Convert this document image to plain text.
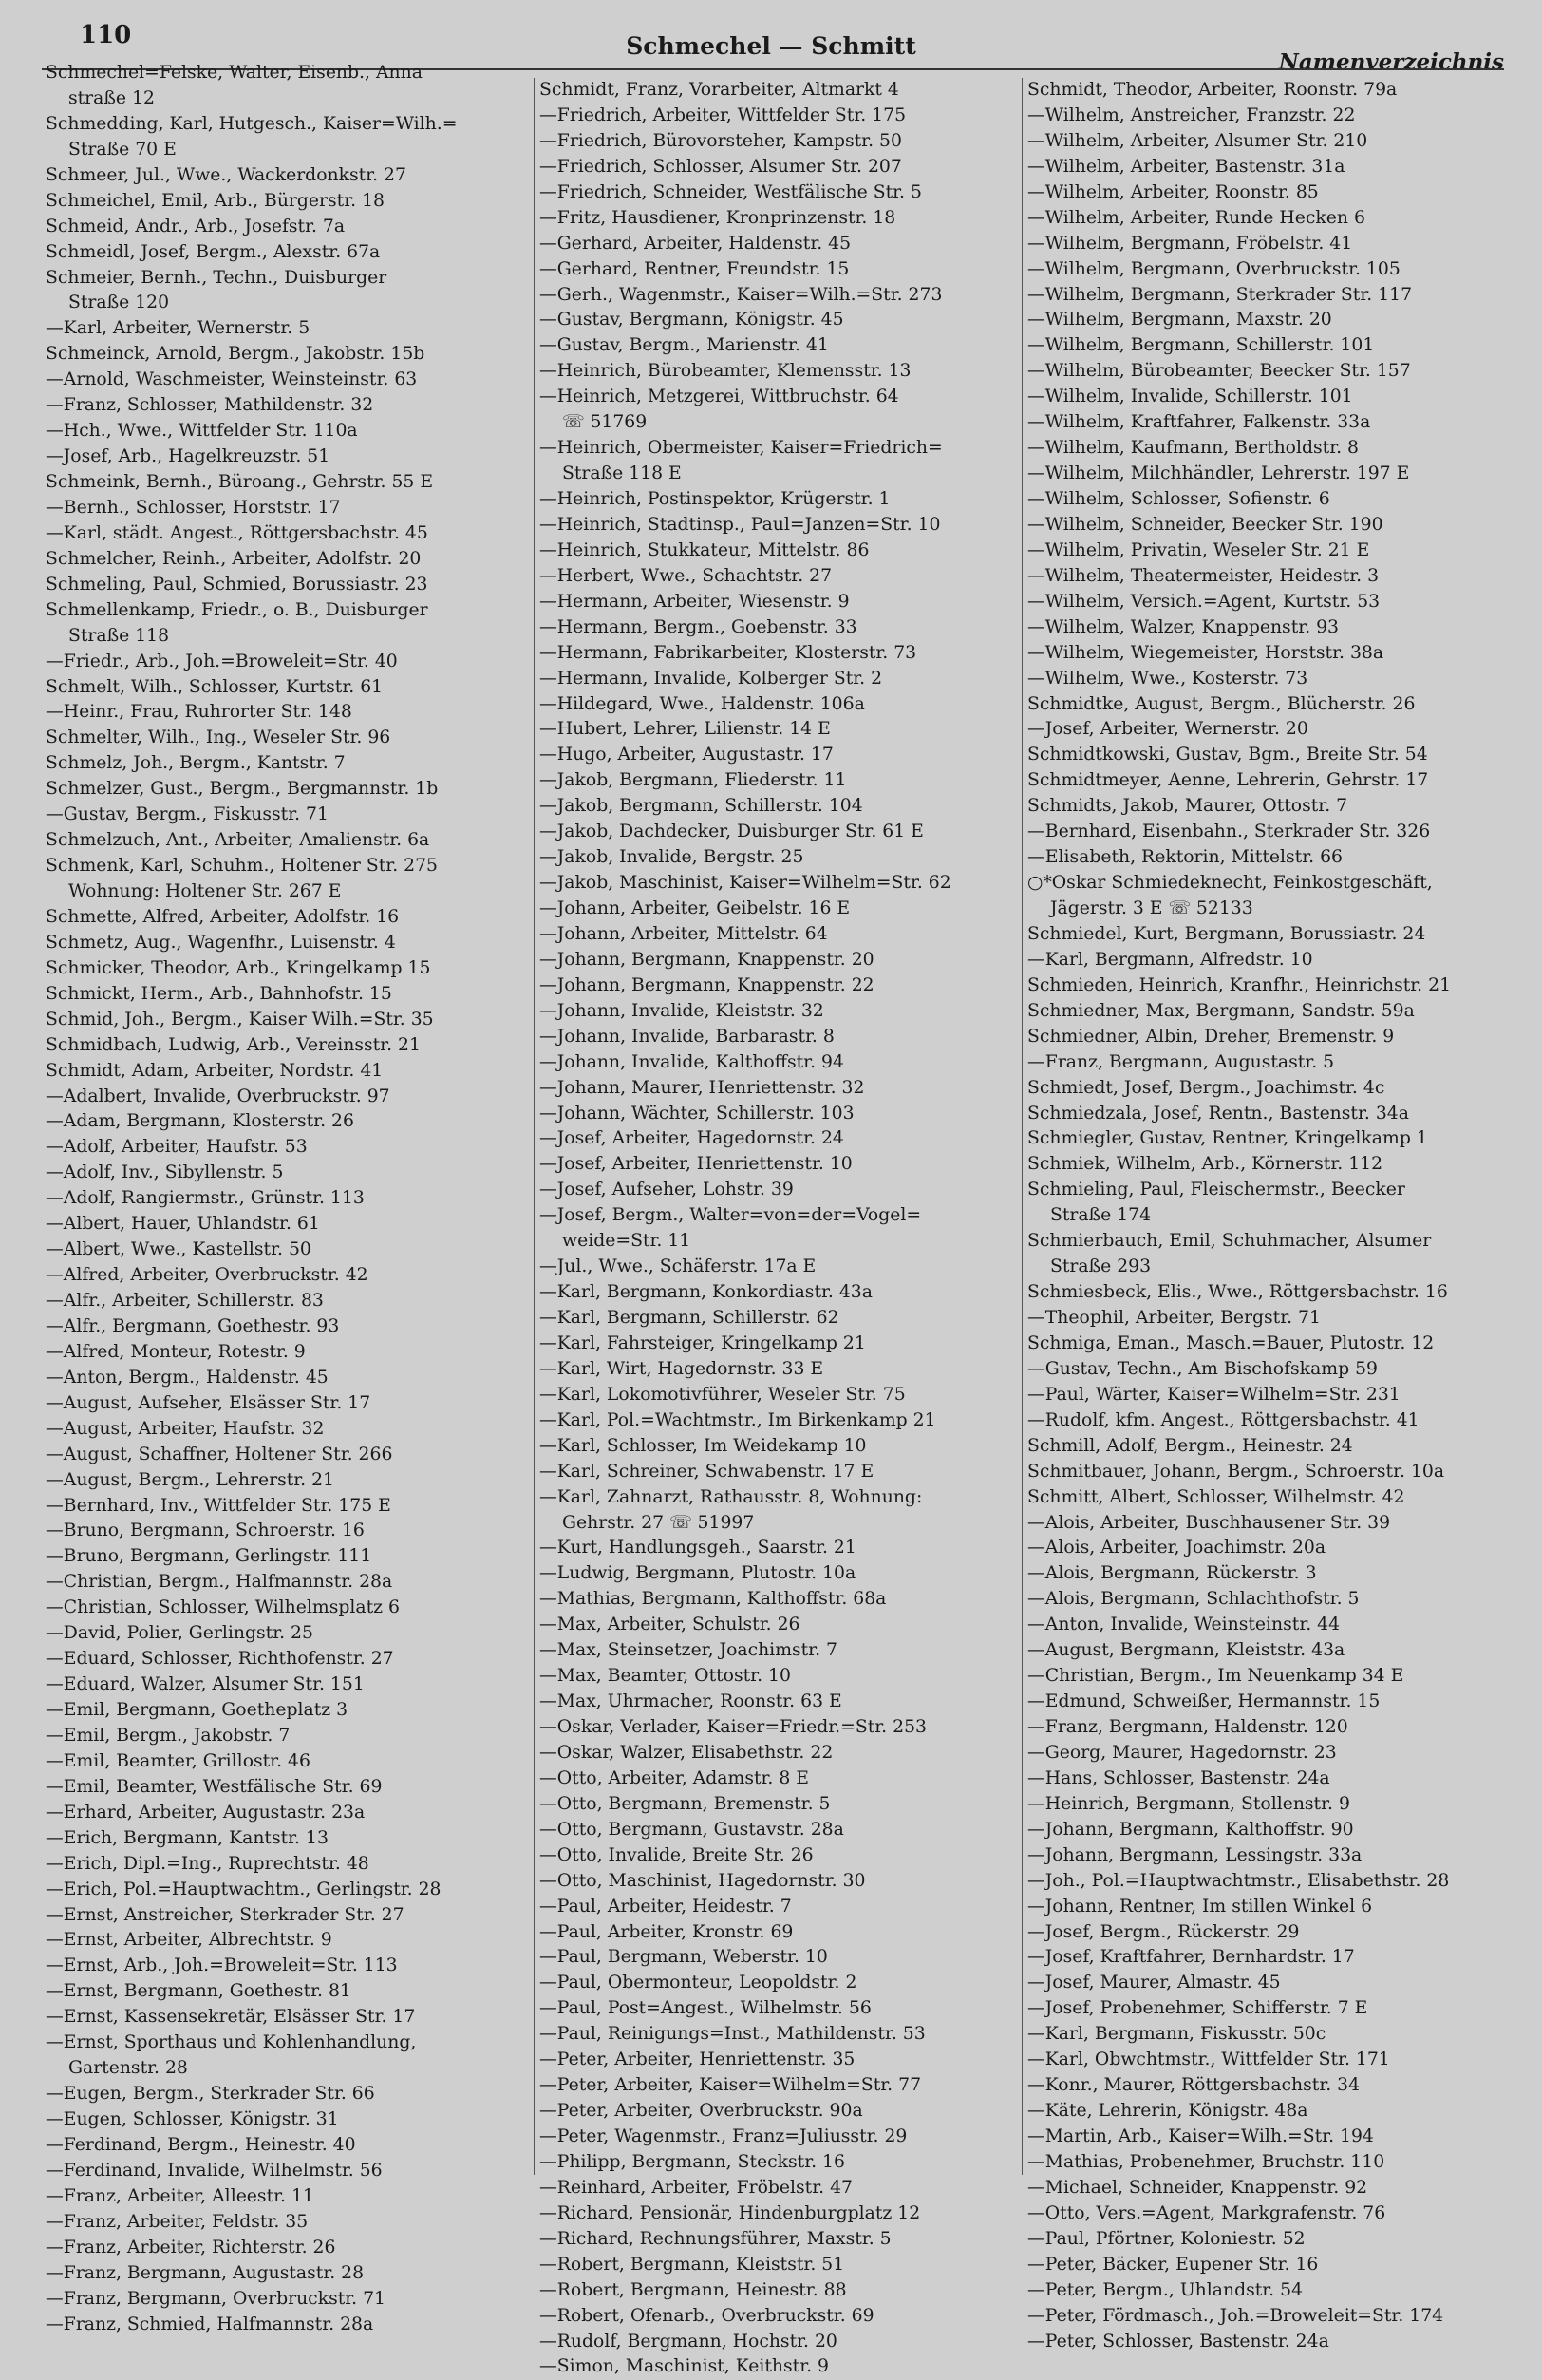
110	Schmechel — Schmitt
Namenverzeichnis
Schmechel=Felske, Walter, Eisenb., Anna
straße 12
Schmedding, Karl, Hutgesch., Kaiser=Wilh.=
Straße 70 E
Schmeer, Jul., Wwe., Wackerdonkstr. 27
Schmeichel, Emil, Arb., Bürgerstr. 18
Schmeid, Andr., Arb., Josefstr. 7a
Schmeidl, Josef, Bergm., Alexstr. 67a
Schmeier, Bernh., Techn., Duisburger
Straße 120
—Karl, Arbeiter, Wernerstr. 5
Schmeinck, Arnold, Bergm., Jakobstr. 15b
—Arnold, Waschmeister, Weinsteinstr. 63
—Franz, Schlosser, Mathildenstr. 32
—Hch., Wwe., Wittfelder Str. 110a
—Josef, Arb., Hagelkreuzstr. 51
Schmeink, Bernh., Büroang., Gehrstr. 55 E
—Bernh., Schlosser, Horststr. 17
—Karl, städt. Angest., Röttgersbachstr. 45
Schmelcher, Reinh., Arbeiter, Adolfstr. 20
Schmeling, Paul, Schmied, Borussiastr. 23
Schmellenkamp, Friedr., o. B., Duisburger
Straße 118
—Friedr., Arb., Joh.=Broweleit=Str. 40
Schmelt, Wilh., Schlosser, Kurtstr. 61
—Heinr., Frau, Ruhrorter Str. 148
Schmelter, Wilh., Ing., Weseler Str. 96
Schmelz, Joh., Bergm., Kantstr. 7
Schmelzer, Gust., Bergm., Bergmannstr. 1b
—Gustav, Bergm., Fiskusstr. 71
Schmelzuch, Ant., Arbeiter, Amalienstr. 6a
Schmenk, Karl, Schuhm., Holtener Str. 275
Wohnung: Holtener Str. 267 E
Schmette, Alfred, Arbeiter, Adolfstr. 16
Schmetz, Aug., Wagenfhr., Luisenstr. 4
Schmicker, Theodor, Arb., Kringelkamp 15
Schmickt, Herm., Arb., Bahnhofstr. 15
Schmid, Joh., Bergm., Kaiser Wilh.=Str. 35
Schmidbach, Ludwig, Arb., Vereinsstr. 21
Schmidt, Adam, Arbeiter, Nordstr. 41
—Adalbert, Invalide, Overbruckstr. 97
—Adam, Bergmann, Klosterstr. 26
—Adolf, Arbeiter, Haufstr. 53
—Adolf, Inv., Sibyllenstr. 5
—Adolf, Rangiermstr., Grünstr. 113
—Albert, Hauer, Uhlandstr. 61
—Albert, Wwe., Kastellstr. 50
—Alfred, Arbeiter, Overbruckstr. 42
—Alfr., Arbeiter, Schillerstr. 83
—Alfr., Bergmann, Goethestr. 93
—Alfred, Monteur, Rotestr. 9
—Anton, Bergm., Haldenstr. 45
—August, Aufseher, Elsässer Str. 17
—August, Arbeiter, Haufstr. 32
—August, Schaffner, Holtener Str. 266
—August, Bergm., Lehrerstr. 21
—Bernhard, Inv., Wittfelder Str. 175 E
—Bruno, Bergmann, Schroerstr. 16
—Bruno, Bergmann, Gerlingstr. 111
—Christian, Bergm., Halfmannstr. 28a
—Christian, Schlosser, Wilhelmsplatz 6
—David, Polier, Gerlingstr. 25
—Eduard, Schlosser, Richthofenstr. 27
—Eduard, Walzer, Alsumer Str. 151
—Emil, Bergmann, Goetheplatz 3
—Emil, Bergm., Jakobstr. 7
—Emil, Beamter, Grillostr. 46
—Emil, Beamter, Westfälische Str. 69
—Erhard, Arbeiter, Augustastr. 23a
—Erich, Bergmann, Kantstr. 13
—Erich, Dipl.=Ing., Ruprechtstr. 48
—Erich, Pol.=Hauptwachtm., Gerlingstr. 28
—Ernst, Anstreicher, Sterkrader Str. 27
—Ernst, Arbeiter, Albrechtstr. 9
—Ernst, Arb., Joh.=Broweleit=Str. 113
—Ernst, Bergmann, Goethestr. 81
—Ernst, Kassensekretär, Elsässer Str. 17
—Ernst, Sporthaus und Kohlenhandlung,
Gartenstr. 28
—Eugen, Bergm., Sterkrader Str. 66
—Eugen, Schlosser, Königstr. 31
—Ferdinand, Bergm., Heinestr. 40
—Ferdinand, Invalide, Wilhelmstr. 56
—Franz, Arbeiter, Alleestr. 11
—Franz, Arbeiter, Feldstr. 35
—Franz, Arbeiter, Richterstr. 26
—Franz, Bergmann, Augustastr. 28
—Franz, Bergmann, Overbruckstr. 71
—Franz, Schmied, Halfmannstr. 28a
Schmidt, Franz, Vorarbeiter, Altmarkt 4
—Friedrich, Arbeiter, Wittfelder Str. 175
—Friedrich, Bürovorsteher, Kampstr. 50
—Friedrich, Schlosser, Alsumer Str. 207
—Friedrich, Schneider, Westfälische Str. 5
—Fritz, Hausdiener, Kronprinzenstr. 18
—Gerhard, Arbeiter, Haldenstr. 45
—Gerhard, Rentner, Freundstr. 15
—Gerh., Wagenmstr., Kaiser=Wilh.=Str. 273
—Gustav, Bergmann, Königstr. 45
—Gustav, Bergm., Marienstr. 41
—Heinrich, Bürobeamter, Klemensstr. 13
—Heinrich, Metzgerei, Wittbruchstr. 64
☏ 51769
—Heinrich, Obermeister, Kaiser=Friedrich=
Straße 118 E
—Heinrich, Postinspektor, Krügerstr. 1
—Heinrich, Stadtinsp., Paul=Janzen=Str. 10
—Heinrich, Stukkateur, Mittelstr. 86
—Herbert, Wwe., Schachtstr. 27
—Hermann, Arbeiter, Wiesenstr. 9
—Hermann, Bergm., Goebenstr. 33
—Hermann, Fabrikarbeiter, Klosterstr. 73
—Hermann, Invalide, Kolberger Str. 2
—Hildegard, Wwe., Haldenstr. 106a
—Hubert, Lehrer, Lilienstr. 14 E
—Hugo, Arbeiter, Augustastr. 17
—Jakob, Bergmann, Fliederstr. 11
—Jakob, Bergmann, Schillerstr. 104
—Jakob, Dachdecker, Duisburger Str. 61 E
—Jakob, Invalide, Bergstr. 25
—Jakob, Maschinist, Kaiser=Wilhelm=Str. 62
—Johann, Arbeiter, Geibelstr. 16 E
—Johann, Arbeiter, Mittelstr. 64
—Johann, Bergmann, Knappenstr. 20
—Johann, Bergmann, Knappenstr. 22
—Johann, Invalide, Kleiststr. 32
—Johann, Invalide, Barbarastr. 8
—Johann, Invalide, Kalthoffstr. 94
—Johann, Maurer, Henriettenstr. 32
—Johann, Wächter, Schillerstr. 103
—Josef, Arbeiter, Hagedornstr. 24
—Josef, Arbeiter, Henriettenstr. 10
—Josef, Aufseher, Lohstr. 39
—Josef, Bergm., Walter=von=der=Vogel=
weide=Str. 11
—Jul., Wwe., Schäferstr. 17a E
—Karl, Bergmann, Konkordiastr. 43a
—Karl, Bergmann, Schillerstr. 62
—Karl, Fahrsteiger, Kringelkamp 21
—Karl, Wirt, Hagedornstr. 33 E
—Karl, Lokomotivführer, Weseler Str. 75
—Karl, Pol.=Wachtmstr., Im Birkenkamp 21
—Karl, Schlosser, Im Weidekamp 10
—Karl, Schreiner, Schwabenstr. 17 E
—Karl, Zahnarzt, Rathausstr. 8, Wohnung:
Gehrstr. 27 ☏ 51997
—Kurt, Handlungsgeh., Saarstr. 21
—Ludwig, Bergmann, Plutostr. 10a
—Mathias, Bergmann, Kalthoffstr. 68a
—Max, Arbeiter, Schulstr. 26
—Max, Steinsetzer, Joachimstr. 7
—Max, Beamter, Ottostr. 10
—Max, Uhrmacher, Roonstr. 63 E
—Oskar, Verlader, Kaiser=Friedr.=Str. 253
—Oskar, Walzer, Elisabethstr. 22
—Otto, Arbeiter, Adamstr. 8 E
—Otto, Bergmann, Bremenstr. 5
—Otto, Bergmann, Gustavstr. 28a
—Otto, Invalide, Breite Str. 26
—Otto, Maschinist, Hagedornstr. 30
—Paul, Arbeiter, Heidestr. 7
—Paul, Arbeiter, Kronstr. 69
—Paul, Bergmann, Weberstr. 10
—Paul, Obermonteur, Leopoldstr. 2
—Paul, Post=Angest., Wilhelmstr. 56
—Paul, Reinigungs=Inst., Mathildenstr. 53
—Peter, Arbeiter, Henriettenstr. 35
—Peter, Arbeiter, Kaiser=Wilhelm=Str. 77
—Peter, Arbeiter, Overbruckstr. 90a
—Peter, Wagenmstr., Franz=Juliusstr. 29
—Philipp, Bergmann, Steckstr. 16
—Reinhard, Arbeiter, Fröbelstr. 47
—Richard, Pensionär, Hindenburgplatz 12
—Richard, Rechnungsführer, Maxstr. 5
—Robert, Bergmann, Kleiststr. 51
—Robert, Bergmann, Heinestr. 88
—Robert, Ofenarb., Overbruckstr. 69
—Rudolf, Bergmann, Hochstr. 20
—Simon, Maschinist, Keithstr. 9
Schmidt, Theodor, Arbeiter, Roonstr. 79a
—Wilhelm, Anstreicher, Franzstr. 22
—Wilhelm, Arbeiter, Alsumer Str. 210
—Wilhelm, Arbeiter, Bastenstr. 31a
—Wilhelm, Arbeiter, Roonstr. 85
—Wilhelm, Arbeiter, Runde Hecken 6
—Wilhelm, Bergmann, Fröbelstr. 41
—Wilhelm, Bergmann, Overbruckstr. 105
—Wilhelm, Bergmann, Sterkrader Str. 117
—Wilhelm, Bergmann, Maxstr. 20
—Wilhelm, Bergmann, Schillerstr. 101
—Wilhelm, Bürobeamter, Beecker Str. 157
—Wilhelm, Invalide, Schillerstr. 101
—Wilhelm, Kraftfahrer, Falkenstr. 33a
—Wilhelm, Kaufmann, Bertholdstr. 8
—Wilhelm, Milchhändler, Lehrerstr. 197 E
—Wilhelm, Schlosser, Sofienstr. 6
—Wilhelm, Schneider, Beecker Str. 190
—Wilhelm, Privatin, Weseler Str. 21 E
—Wilhelm, Theatermeister, Heidestr. 3
—Wilhelm, Versich.=Agent, Kurtstr. 53
—Wilhelm, Walzer, Knappenstr. 93
—Wilhelm, Wiegemeister, Horststr. 38a
—Wilhelm, Wwe., Kosterstr. 73
Schmidtke, August, Bergm., Blücherstr. 26
—Josef, Arbeiter, Wernerstr. 20
Schmidtkowski, Gustav, Bgm., Breite Str. 54
Schmidtmeyer, Aenne, Lehrerin, Gehrstr. 17
Schmidts, Jakob, Maurer, Ottostr. 7
—Bernhard, Eisenbahn., Sterkrader Str. 326
—Elisabeth, Rektorin, Mittelstr. 66
○*Oskar Schmiedeknecht, Feinkostgeschäft,
Jägerstr. 3 E ☏ 52133
Schmiedel, Kurt, Bergmann, Borussiastr. 24
—Karl, Bergmann, Alfredstr. 10
Schmieden, Heinrich, Kranfhr., Heinrichstr. 21
Schmiedner, Max, Bergmann, Sandstr. 59a
Schmiedner, Albin, Dreher, Bremenstr. 9
—Franz, Bergmann, Augustastr. 5
Schmiedt, Josef, Bergm., Joachimstr. 4c
Schmiedzala, Josef, Rentn., Bastenstr. 34a
Schmiegler, Gustav, Rentner, Kringelkamp 1
Schmiek, Wilhelm, Arb., Körnerstr. 112
Schmieling, Paul, Fleischermstr., Beecker
Straße 174
Schmierbauch, Emil, Schuhmacher, Alsumer
Straße 293
Schmiesbeck, Elis., Wwe., Röttgersbachstr. 16
—Theophil, Arbeiter, Bergstr. 71
Schmiga, Eman., Masch.=Bauer, Plutostr. 12
—Gustav, Techn., Am Bischofskamp 59
—Paul, Wärter, Kaiser=Wilhelm=Str. 231
—Rudolf, kfm. Angest., Röttgersbachstr. 41
Schmill, Adolf, Bergm., Heinestr. 24
Schmitbauer, Johann, Bergm., Schroerstr. 10a
Schmitt, Albert, Schlosser, Wilhelmstr. 42
—Alois, Arbeiter, Buschhausener Str. 39
—Alois, Arbeiter, Joachimstr. 20a
—Alois, Bergmann, Rückerstr. 3
—Alois, Bergmann, Schlachthofstr. 5
—Anton, Invalide, Weinsteinstr. 44
—August, Bergmann, Kleiststr. 43a
—Christian, Bergm., Im Neuenkamp 34 E
—Edmund, Schweißer, Hermannstr. 15
—Franz, Bergmann, Haldenstr. 120
—Georg, Maurer, Hagedornstr. 23
—Hans, Schlosser, Bastenstr. 24a
—Heinrich, Bergmann, Stollenstr. 9
—Johann, Bergmann, Kalthoffstr. 90
—Johann, Bergmann, Lessingstr. 33a
—Joh., Pol.=Hauptwachtmstr., Elisabethstr. 28
—Johann, Rentner, Im stillen Winkel 6
—Josef, Bergm., Rückerstr. 29
—Josef, Kraftfahrer, Bernhardstr. 17
—Josef, Maurer, Almastr. 45
—Josef, Probenehmer, Schifferstr. 7 E
—Karl, Bergmann, Fiskusstr. 50c
—Karl, Obwchtmstr., Wittfelder Str. 171
—Konr., Maurer, Röttgersbachstr. 34
—Käte, Lehrerin, Königstr. 48a
—Martin, Arb., Kaiser=Wilh.=Str. 194
—Mathias, Probenehmer, Bruchstr. 110
—Michael, Schneider, Knappenstr. 92
—Otto, Vers.=Agent, Markgrafenstr. 76
—Paul, Pförtner, Koloniestr. 52
—Peter, Bäcker, Eupener Str. 16
—Peter, Bergm., Uhlandstr. 54
—Peter, Fördmasch., Joh.=Broweleit=Str. 174
—Peter, Schlosser, Bastenstr. 24a
